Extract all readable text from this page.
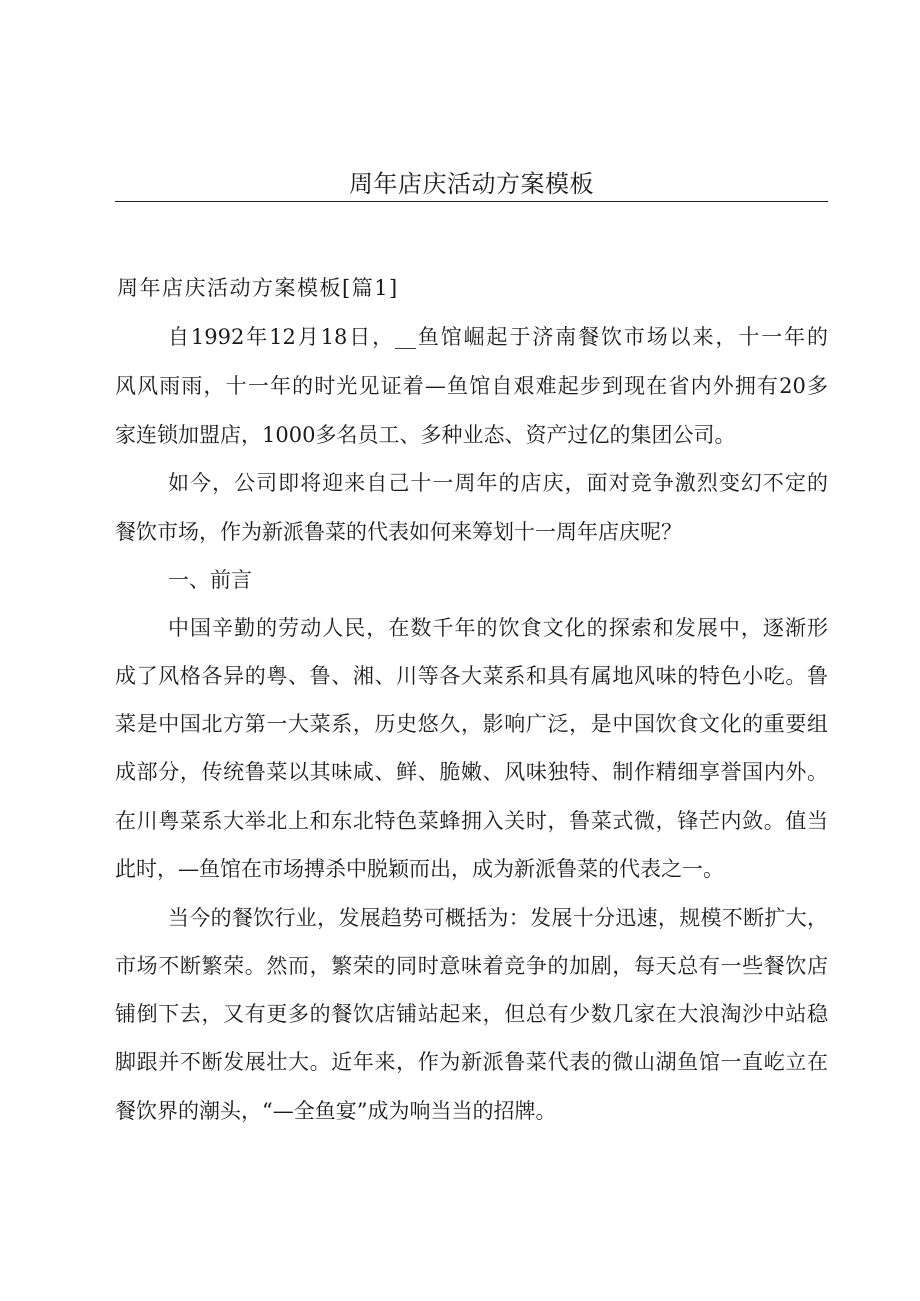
周年店庆活动方案模板
周年店庆活动方案模板[篇1]

自1992年12月18日，__鱼馆崛起于济南餐饮市场以来，十一年的

风风雨雨，十一年的时光见证着—鱼馆自艰难起步到现在省内外拥有20多

家连锁加盟店，1000多名员工、多种业态、资产过亿的集团公司。

如今，公司即将迎来自己十一周年的店庆，面对竞争激烈变幻不定的

餐饮市场，作为新派鲁菜的代表如何来筹划十一周年店庆呢？

一、前言

中国辛勤的劳动人民，在数千年的饮食文化的探索和发展中，逐渐形

成了风格各异的粤、鲁、湘、川等各大菜系和具有属地风味的特色小吃。鲁

菜是中国北方第一大菜系，历史悠久，影响广泛，是中国饮食文化的重要组

成部分，传统鲁菜以其味咸、鲜、脆嫩、风味独特、制作精细享誉国内外。

在川粤菜系大举北上和东北特色菜蜂拥入关时，鲁菜式微，锋芒内敛。值当

此时，—鱼馆在市场搏杀中脱颖而出，成为新派鲁菜的代表之一。

当今的餐饮行业，发展趋势可概括为：发展十分迅速，规模不断扩大，

市场不断繁荣。然而，繁荣的同时意味着竞争的加剧，每天总有一些餐饮店

铺倒下去，又有更多的餐饮店铺站起来，但总有少数几家在大浪淘沙中站稳

脚跟并不断发展壮大。近年来，作为新派鲁菜代表的微山湖鱼馆一直屹立在

餐饮界的潮头，“—全鱼宴”成为响当当的招牌。
